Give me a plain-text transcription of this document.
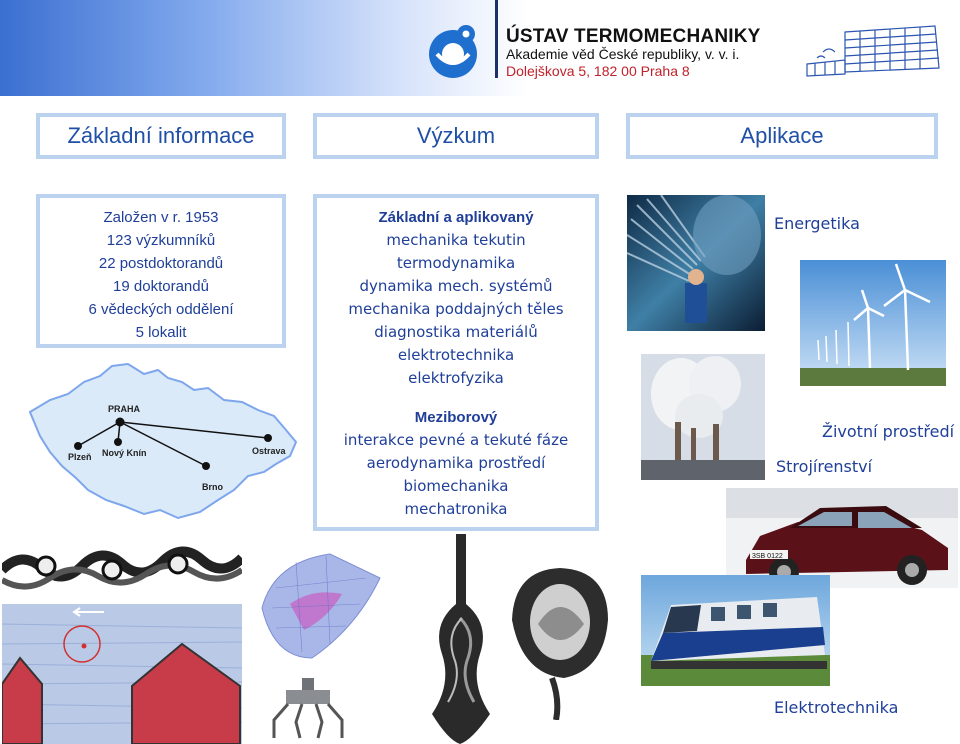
ÚSTAV TERMOMECHANIKY
Akademie věd České republiky, v. v. i.
Dolejškova 5, 182 00 Praha 8
Základní informace	Výzkum	Aplikace
Založen v r. 1953
123 výzkumníků
22 postdoktorandů
19 doktorandů
6 vědeckých oddělení
5 lokalit
Základní a aplikovaný
mechanika tekutin
termodynamika
dynamika mech. systémů
mechanika poddajných těles
diagnostika materiálů
elektrotechnika
elektrofyzika
Meziborový
interakce pevné a tekuté fáze
aerodynamika prostředí
biomechanika
mechatronika
PRAHA
Plzeň Nový Knín	Ostrava
Brno
Energetika
Životní prostředí
Strojírenství
Elektrotechnika
3SB 0122
